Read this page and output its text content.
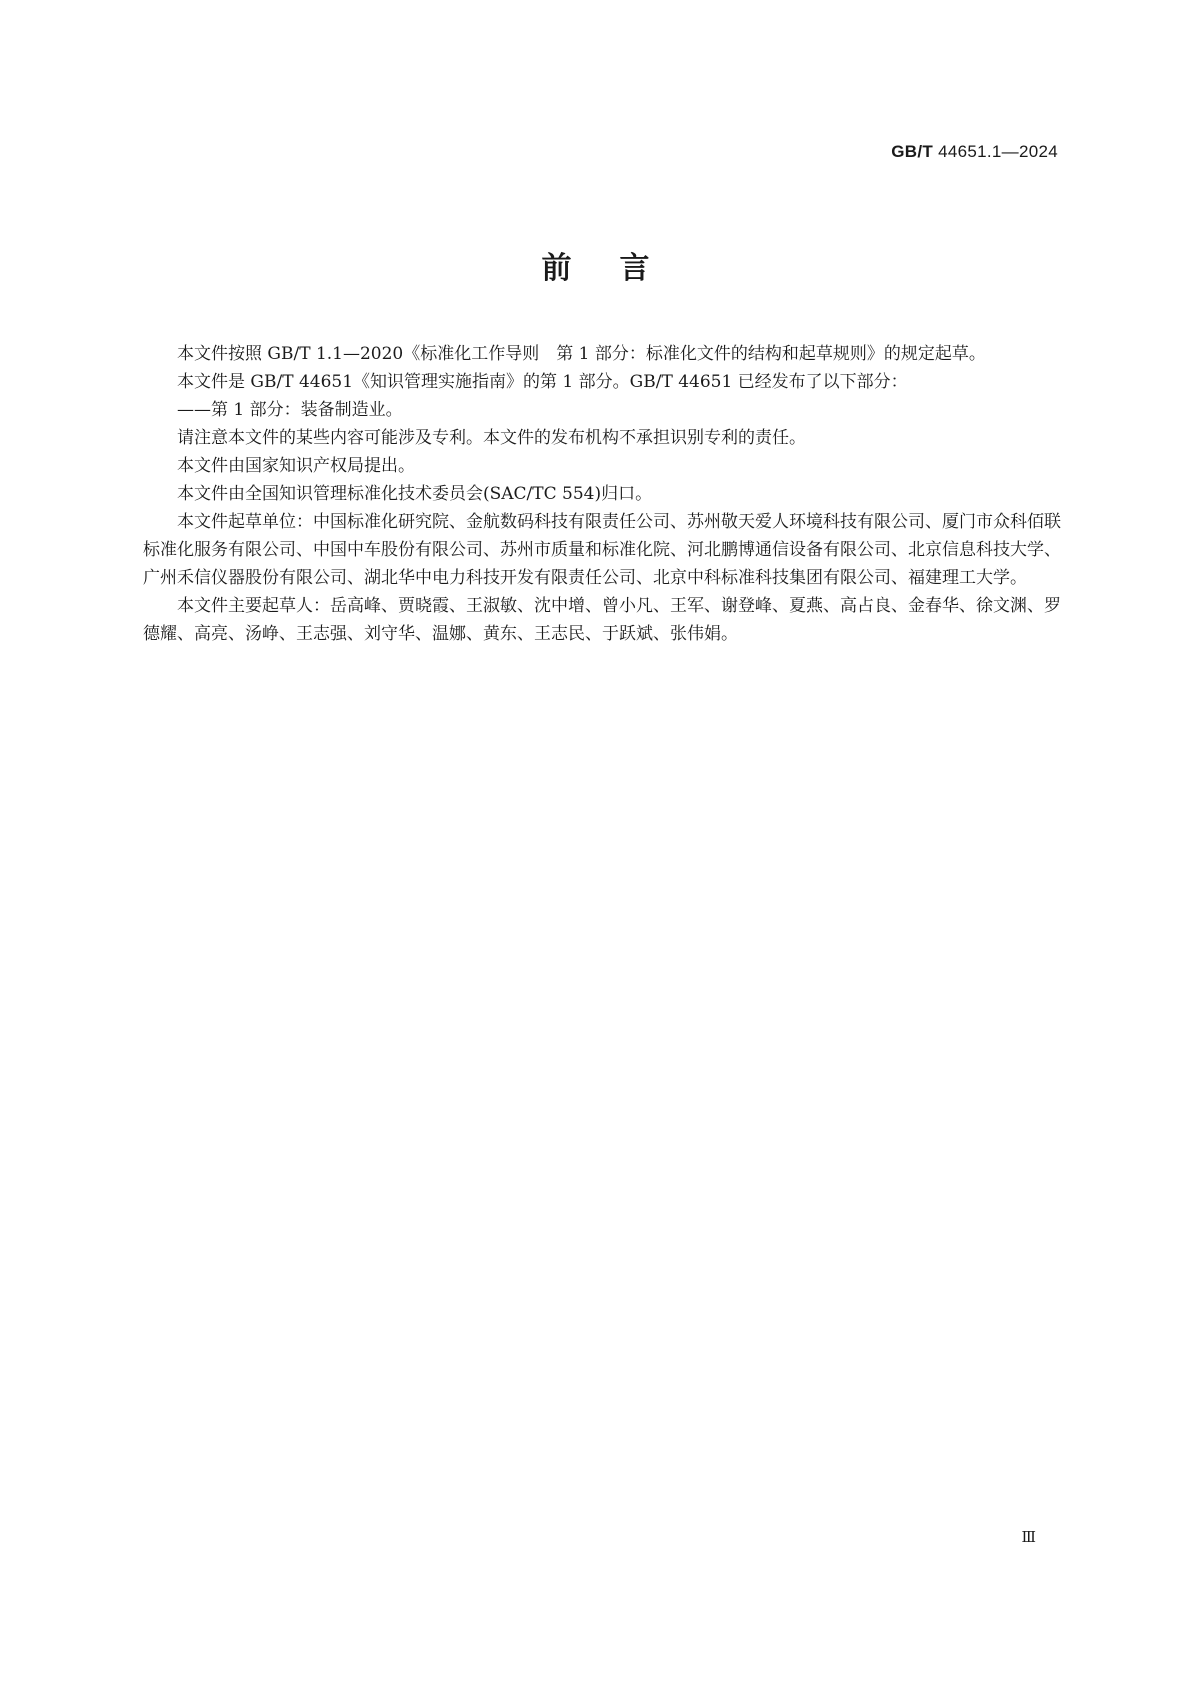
GB/T 44651.1—2024
前言

本文件按照 GB/T 1.1—2020《标准化工作导则　第 1 部分：标准化文件的结构和起草规则》的规定起草。

本文件是 GB/T 44651《知识管理实施指南》的第 1 部分。GB/T 44651 已经发布了以下部分：

——第 1 部分：装备制造业。

请注意本文件的某些内容可能涉及专利。本文件的发布机构不承担识别专利的责任。

本文件由国家知识产权局提出。

本文件由全国知识管理标准化技术委员会(SAC/TC 554)归口。

本文件起草单位：中国标准化研究院、金航数码科技有限责任公司、苏州敬天爱人环境科技有限公司、厦门市众科佰联标准化服务有限公司、中国中车股份有限公司、苏州市质量和标准化院、河北鹏博通信设备有限公司、北京信息科技大学、广州禾信仪器股份有限公司、湖北华中电力科技开发有限责任公司、北京中科标准科技集团有限公司、福建理工大学。

本文件主要起草人：岳高峰、贾晓霞、王淑敏、沈中增、曾小凡、王军、谢登峰、夏燕、高占良、金春华、徐文渊、罗德耀、高亮、汤峥、王志强、刘守华、温娜、黄东、王志民、于跃斌、张伟娟。

Ⅲ
